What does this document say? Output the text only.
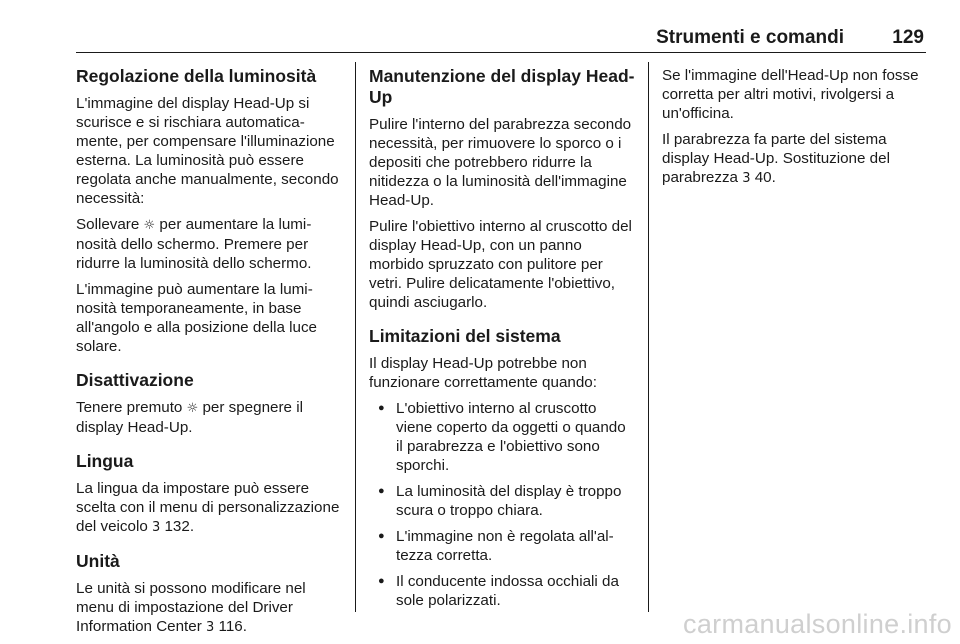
Strumenti e comandi	129
Regolazione della luminosità

L'immagine del display Head-Up si scurisce e si rischiara automaticamente, per compensare l'illuminazione esterna. La luminosità può essere regolata anche manualmente, secondo necessità:

Sollevare ☼ per aumentare la luminosità dello schermo. Premere per ridurre la luminosità dello schermo.

L'immagine può aumentare la luminosità temporaneamente, in base all'angolo e alla posizione della luce solare.

Disattivazione

Tenere premuto ☼ per spegnere il display Head-Up.

Lingua

La lingua da impostare può essere scelta con il menu di personalizzazione del veicolo 3 132.

Unità

Le unità si possono modificare nel menu di impostazione del Driver Information Center 3 116.

Manutenzione del display Head-Up

Pulire l'interno del parabrezza secondo necessità, per rimuovere lo sporco o i depositi che potrebbero ridurre la nitidezza o la luminosità dell'immagine Head-Up.

Pulire l'obiettivo interno al cruscotto del display Head-Up, con un panno morbido spruzzato con pulitore per vetri. Pulire delicatamente l'obiettivo, quindi asciugarlo.

Limitazioni del sistema

Il display Head-Up potrebbe non funzionare correttamente quando:

● L'obiettivo interno al cruscotto viene coperto da oggetti o quando il parabrezza e l'obiettivo sono sporchi.
● La luminosità del display è troppo scura o troppo chiara.
● L'immagine non è regolata all'altezza corretta.
● Il conducente indossa occhiali da sole polarizzati.

Se l'immagine dell'Head-Up non fosse corretta per altri motivi, rivolgersi a un'officina.

Il parabrezza fa parte del sistema display Head-Up. Sostituzione del parabrezza 3 40.

carmanualsonline.info
